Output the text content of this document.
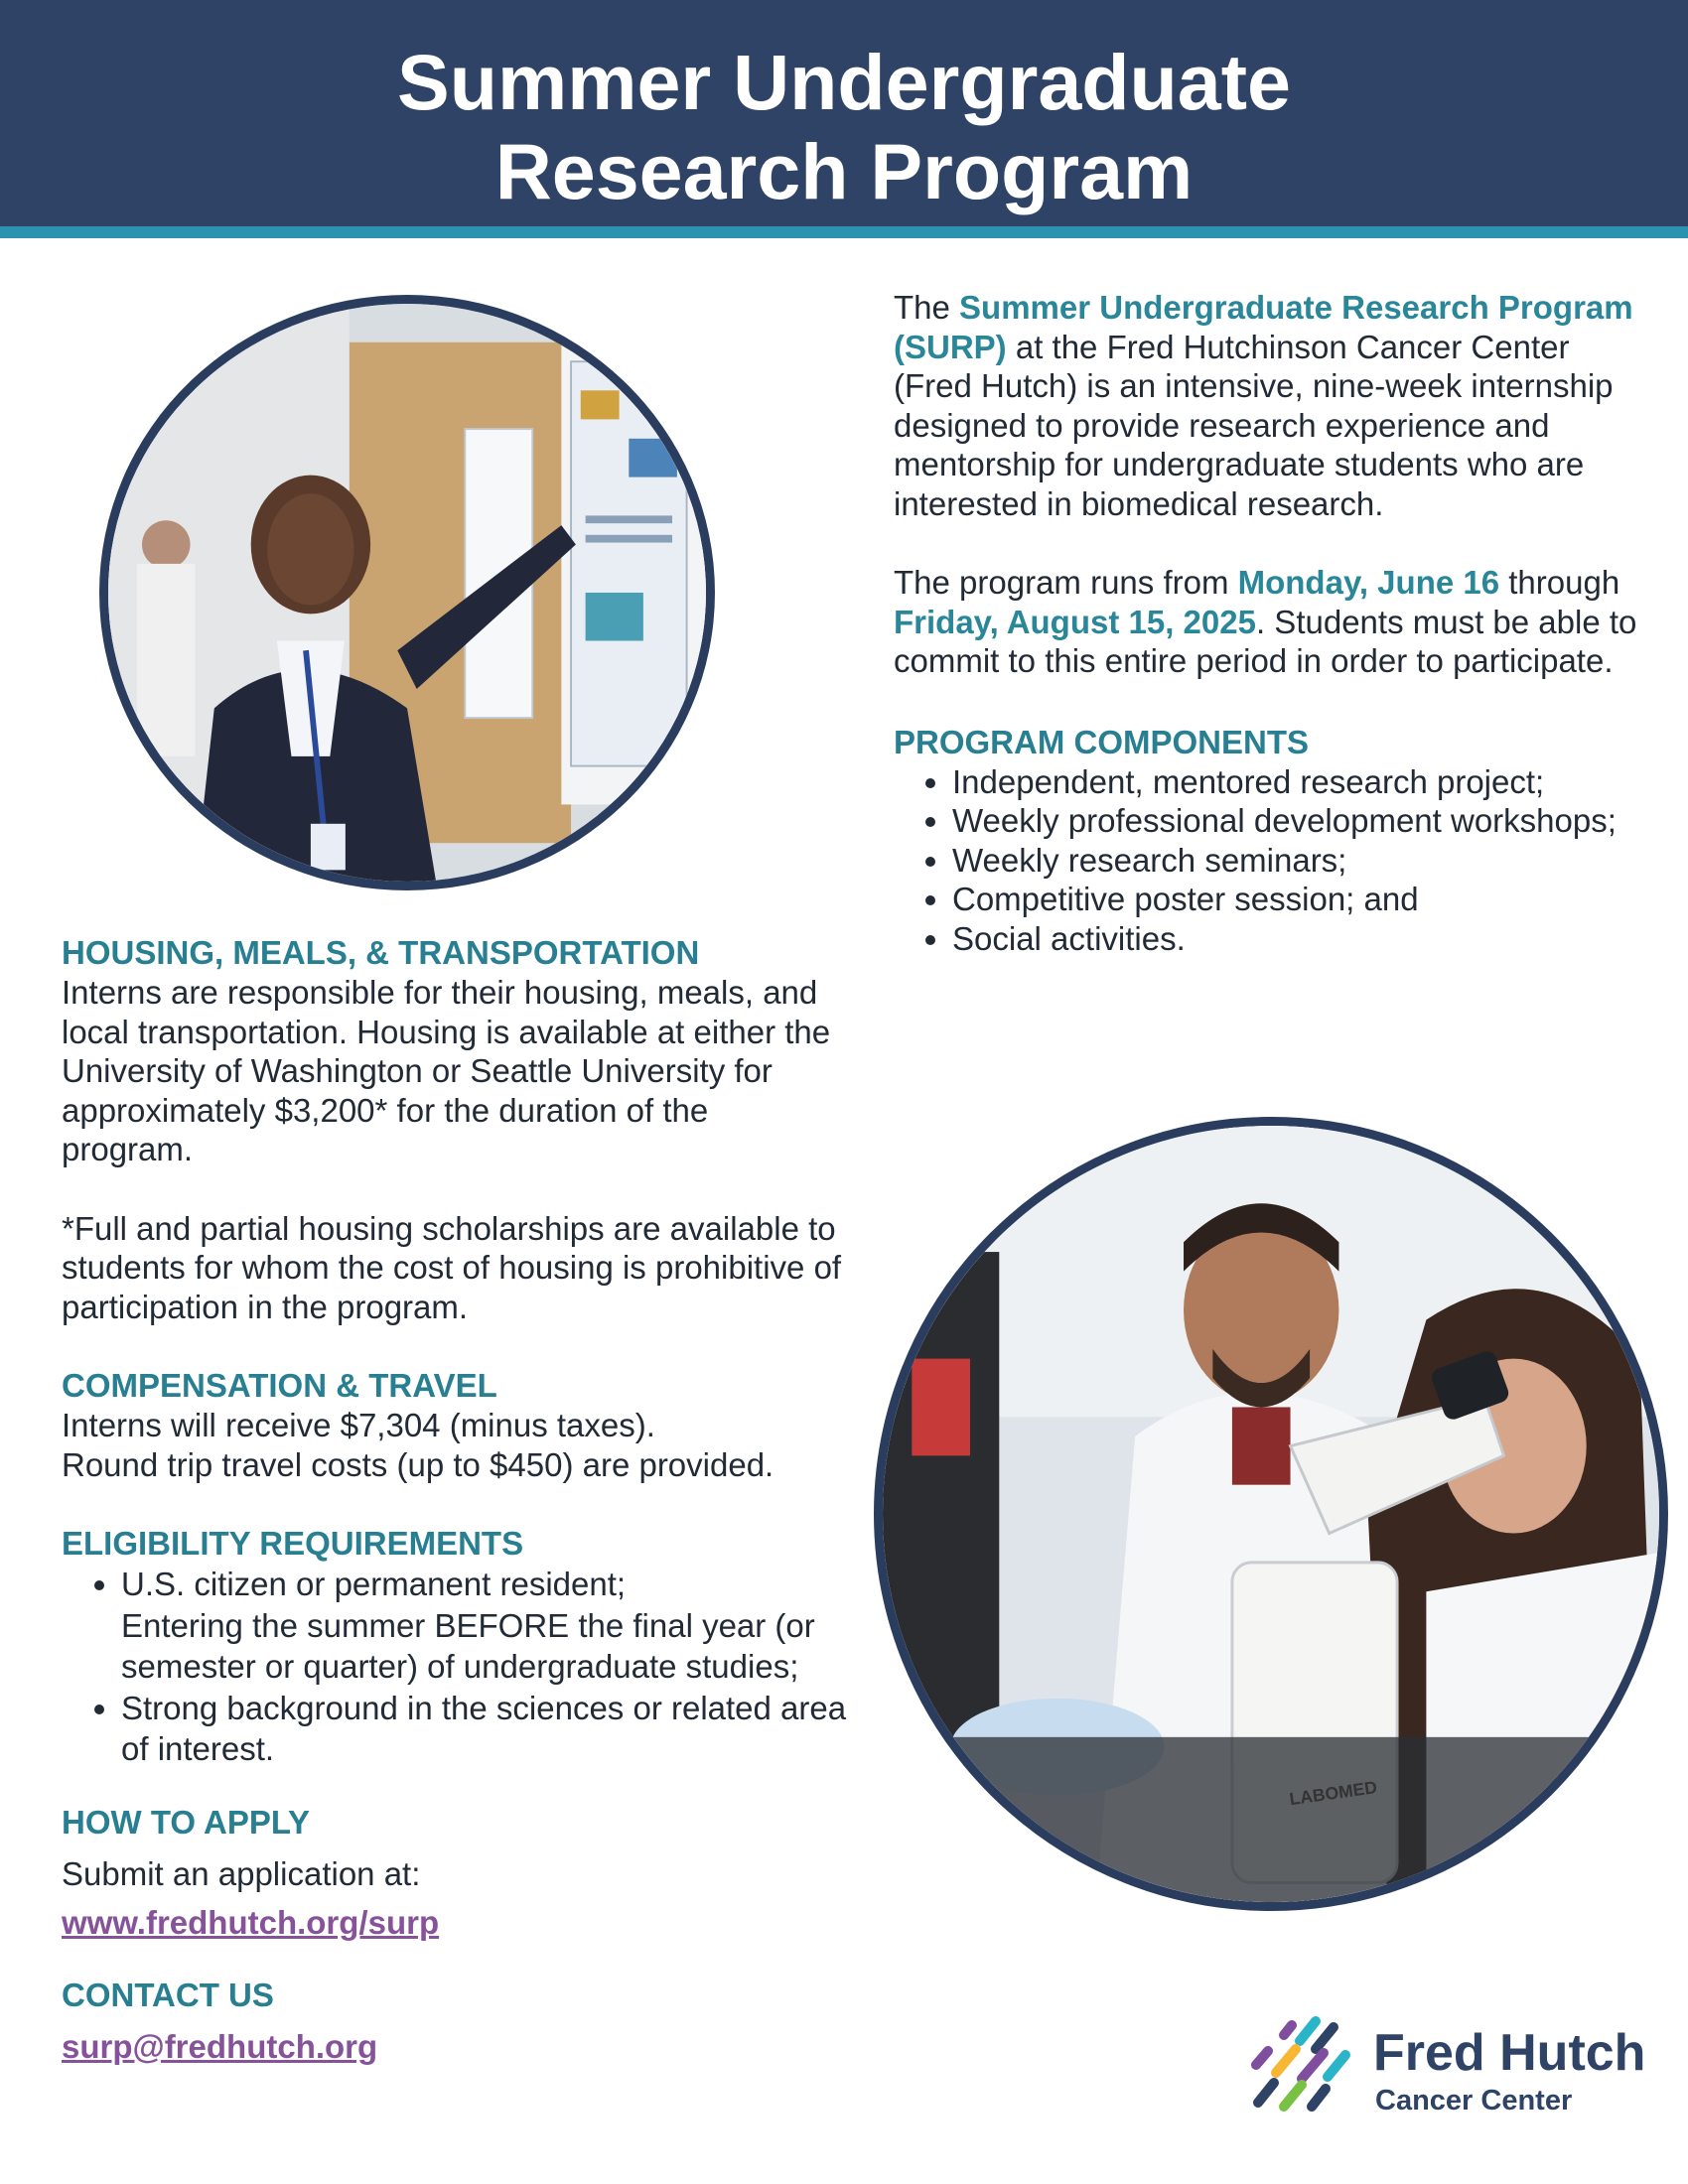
Summer Undergraduate
Research Program

The Summer Undergraduate Research Program (SURP) at the Fred Hutchinson Cancer Center (Fred Hutch) is an intensive, nine-week internship designed to provide research experience and mentorship for undergraduate students who are interested in biomedical research.

The program runs from Monday, June 16 through Friday, August 15, 2025. Students must be able to commit to this entire period in order to participate.

PROGRAM COMPONENTS
• Independent, mentored research project;
• Weekly professional development workshops;
• Weekly research seminars;
• Competitive poster session; and
• Social activities.
HOUSING, MEALS, & TRANSPORTATION

Interns are responsible for their housing, meals, and local transportation. Housing is available at either the University of Washington or Seattle University for approximately $3,200* for the duration of the program.

*Full and partial housing scholarships are available to students for whom the cost of housing is prohibitive of participation in the program.

COMPENSATION & TRAVEL

Interns will receive $7,304 (minus taxes).

Round trip travel costs (up to $450) are provided.

ELIGIBILITY REQUIREMENTS
• U.S. citizen or permanent resident;
Entering the summer BEFORE the final year (or semester or quarter) of undergraduate studies;
• Strong background in the sciences or related area of interest.
HOW TO APPLY

Submit an application at:

www.fredhutch.org/surp

CONTACT US

surp@fredhutch.org

LABOMED
Fred Hutch
Cancer Center
